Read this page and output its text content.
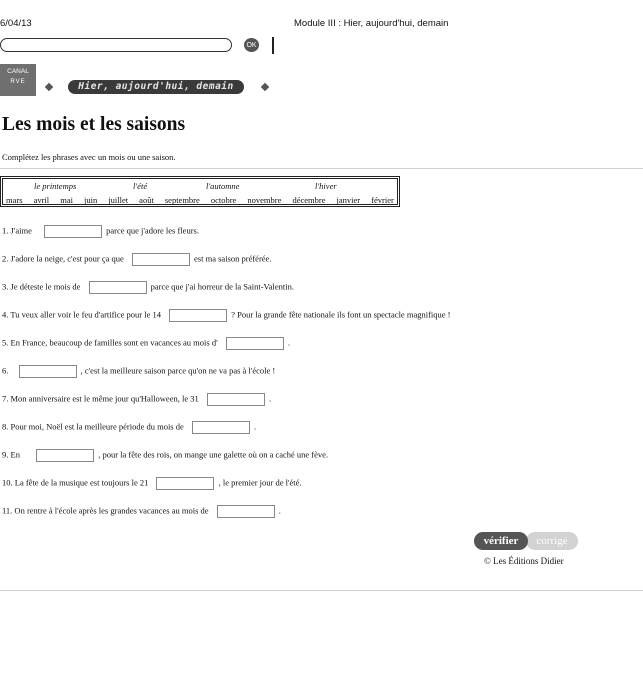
6/04/13	Module III : Hier, aujourd'hui, demain
OK
CANAL
RVE	Hier, aujourd'hui, demain
Les mois et les saisons
Complétez les phrases avec un mois ou une saison.
le printemps	l'été	l'automne	l'hiver
mars avril mai juin juillet août septembre octobre novembre décembre janvier février
1. J'aime	parce que j'adore les fleurs.
2. J'adore la neige, c'est pour ça que	est ma saison préférée.
3. Je déteste le mois de	parce que j'ai horreur de la Saint-Valentin.
4. Tu veux aller voir le feu d'artifice pour le 14	? Pour la grande fête nationale ils font un spectacle magnifique !
5. En France, beaucoup de familles sont en vacances au mois d'	.
6.	, c'est la meilleure saison parce qu'on ne va pas à l'école !
7. Mon anniversaire est le même jour qu'Halloween, le 31	.
8. Pour moi, Noël est la meilleure période du mois de	.
9. En	, pour la fête des rois, on mange une galette où on a caché une fève.
10. La fête de la musique est toujours le 21	, le premier jour de l'été.
11. On rentre à l'école après les grandes vacances au mois de	.
corrigé
vérifier
© Les Éditions Didier
